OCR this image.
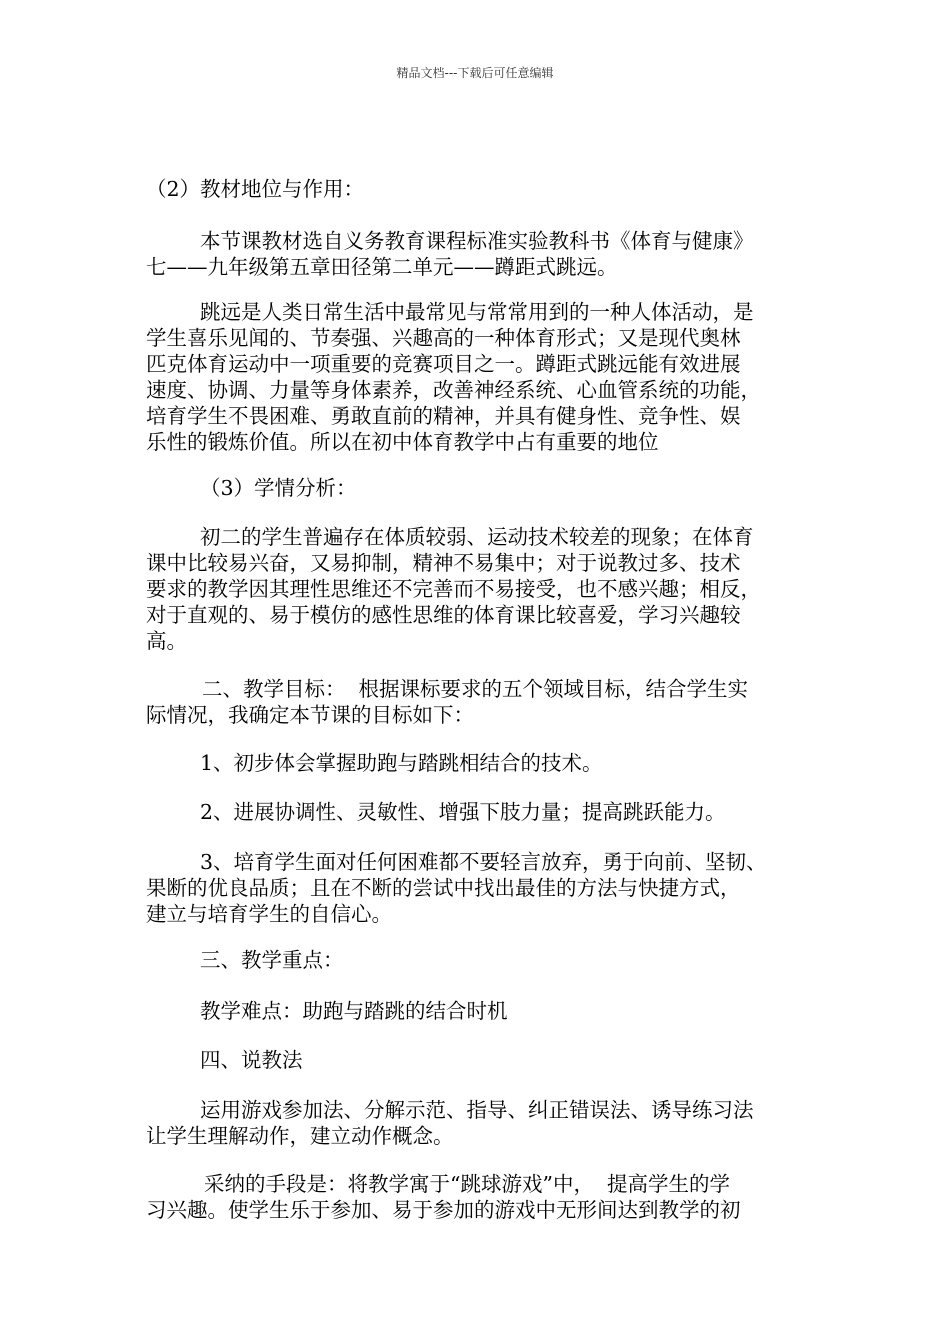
精品文档---下载后可任意编辑

（2）教材地位与作用：

本节课教材选自义务教育课程标准实验教科书《体育与健康》

七——九年级第五章田径第二单元——蹲距式跳远。

跳远是人类日常生活中最常见与常常用到的一种人体活动，是

学生喜乐见闻的、节奏强、兴趣高的一种体育形式；又是现代奥林

匹克体育运动中一项重要的竞赛项目之一。蹲距式跳远能有效进展

速度、协调、力量等身体素养，改善神经系统、心血管系统的功能，

培育学生不畏困难、勇敢直前的精神，并具有健身性、竞争性、娱

乐性的锻炼价值。所以在初中体育教学中占有重要的地位

（3）学情分析：

初二的学生普遍存在体质较弱、运动技术较差的现象；在体育

课中比较易兴奋，又易抑制，精神不易集中；对于说教过多、技术

要求的教学因其理性思维还不完善而不易接受，也不感兴趣；相反，

对于直观的、易于模仿的感性思维的体育课比较喜爱，学习兴趣较

高。

二、教学目标：  根据课标要求的五个领域目标，结合学生实

际情况，我确定本节课的目标如下：

1、初步体会掌握助跑与踏跳相结合的技术。

2、进展协调性、灵敏性、增强下肢力量；提高跳跃能力。

3、培育学生面对任何困难都不要轻言放弃，勇于向前、坚韧、

果断的优良品质；且在不断的尝试中找出最佳的方法与快捷方式，

建立与培育学生的自信心。

三、教学重点：

教学难点：助跑与踏跳的结合时机

四、说教法

运用游戏参加法、分解示范、指导、纠正错误法、诱导练习法

让学生理解动作，建立动作概念。

采纳的手段是：将教学寓于“跳球游戏”中，  提高学生的学

习兴趣。使学生乐于参加、易于参加的游戏中无形间达到教学的初
